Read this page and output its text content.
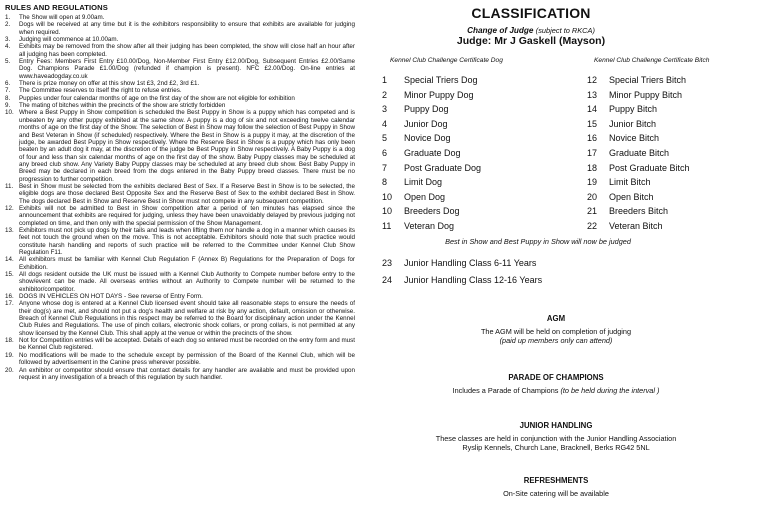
RULES AND REGULATIONS
1. The Show will open at 9.00am.
2. Dogs will be received at any time but it is the exhibitors responsibility to ensure that exhibits are available for judging when required.
3. Judging will commence at 10.00am.
4. Exhibits may be removed from the show after all their judging has been completed, the show will close half an hour after all judging has been completed.
5. Entry Fees: Members First Entry £10.00/Dog, Non-Member First Entry £12.00/Dog, Subsequent Entries £2.00/Same Dog. Champions Parade £1.00/Dog (refunded if champion is present). NFC £2.00/Dog. On-line entries at www.haveadogday.co.uk
6. There is prize money on offer at this show 1st £3, 2nd £2, 3rd £1.
7. The Committee reserves to itself the right to refuse entries.
8. Puppies under four calendar months of age on the first day of the show are not eligible for exhibition
9. The mating of bitches within the precincts of the show are strictly forbidden
10. Where a Best Puppy in Show competition is scheduled the Best Puppy in Show is a puppy which has competed and is unbeaten by any other puppy exhibited at the same show. A puppy is a dog of six and not exceeding twelve calendar months of age on the first day of the Show. The selection of Best in Show may follow the selection of Best Puppy in Show and Best Veteran in Show (if scheduled) respectively. Where the Best in Show is a puppy it may, at the discretion of the judge, be awarded Best Puppy in Show respectively. Where the Reserve Best in Show is a puppy which has only been beaten by an adult dog it may, at the discretion of the judge be Best Puppy in Show respectively. A Baby Puppy is a dog of four and less than six calendar months of age on the first day of the show. Baby Puppy classes may be scheduled at any breed club show. Any Variety Baby Puppy classes may be scheduled at any breed club show. Best Baby Puppy in Breed may be declared in each breed from the dogs entered in the Baby Puppy breed classes. There must be no progression to further competition.
11. Best in Show must be selected from the exhibits declared Best of Sex. If a Reserve Best in Show is to be selected, the eligible dogs are those declared Best Opposite Sex and the Reserve Best of Sex to the exhibit declared Best in Show. The dogs declared Best in Show and Reserve Best in Show must not compete in any subsequent competition.
12. Exhibits will not be admitted to Best in Show competition after a period of ten minutes has elapsed since the announcement that exhibits are required for judging, unless they have been unavoidably delayed by previous judging not completed on time, and then only with the special permission of the Show Management.
13. Exhibitors must not pick up dogs by their tails and leads when lifting them nor handle a dog in a manner which causes its feet not touch the ground when on the move. This is not acceptable. Exhibitors should note that such practice would constitute harsh handling and reports of such practice will be referred to the Committee under Kennel Club Show Regulation F11.
14. All exhibitors must be familiar with Kennel Club Regulation F (Annex B) Regulations for the Preparation of Dogs for Exhibition.
15. All dogs resident outside the UK must be issued with a Kennel Club Authority to Compete number before entry to the show/event can be made. All overseas entries without an Authority to Compete number will be returned to the exhibitor/competitor.
16. DOGS IN VEHICLES ON HOT DAYS - See reverse of Entry Form.
17. Anyone whose dog is entered at a Kennel Club licensed event should take all reasonable steps to ensure the needs of their dog(s) are met, and should not put a dog's health and welfare at risk by any action, default, omission or otherwise. Breach of Kennel Club Regulations in this respect may be referred to the Board for disciplinary action under the Kennel Club Rules and Regulations. The use of pinch collars, electronic shock collars, or prong collars, is not permitted at any show licensed by the Kennel Club. This shall apply at the venue or within the precincts of the show.
18. Not for Competition entries will be accepted. Details of each dog so entered must be recorded on the entry form and must be Kennel Club registered.
19. No modifications will be made to the schedule except by permission of the Board of the Kennel Club, which will be followed by advertisement in the Canine press wherever possible.
20. An exhibitor or competitor should ensure that contact details for any handler are available and must be provided upon request in any investigation of a breach of this regulation by such handler.
CLASSIFICATION
Change of Judge (subject to RKCA)
Judge: Mr J Gaskell (Mayson)
Kennel Club Challenge Certificate Dog	Kennel Club Challenge Certificate Bitch
1 Special Triers Dog
2 Minor Puppy Dog
3 Puppy Dog
4 Junior Dog
5 Novice Dog
6 Graduate Dog
7 Post Graduate Dog
8 Limit Dog
10 Open Dog
10 Breeders Dog
11 Veteran Dog
12 Special Triers Bitch
13 Minor Puppy Bitch
14 Puppy Bitch
15 Junior Bitch
16 Novice Bitch
17 Graduate Bitch
18 Post Graduate Bitch
19 Limit Bitch
20 Open Bitch
21 Breeders Bitch
22 Veteran Bitch
Best in Show and Best Puppy in Show will now be judged
23 Junior Handling Class 6-11 Years
24 Junior Handling Class 12-16 Years
AGM
The AGM will be held on completion of judging
(paid up members only can attend)
PARADE OF CHAMPIONS
Includes a Parade of Champions (to be held during the interval )
JUNIOR HANDLING
These classes are held in conjunction with the Junior Handling Association
Ryslip Kennels, Church Lane, Bracknell, Berks RG42 5NL
REFRESHMENTS
On-Site catering will be available
